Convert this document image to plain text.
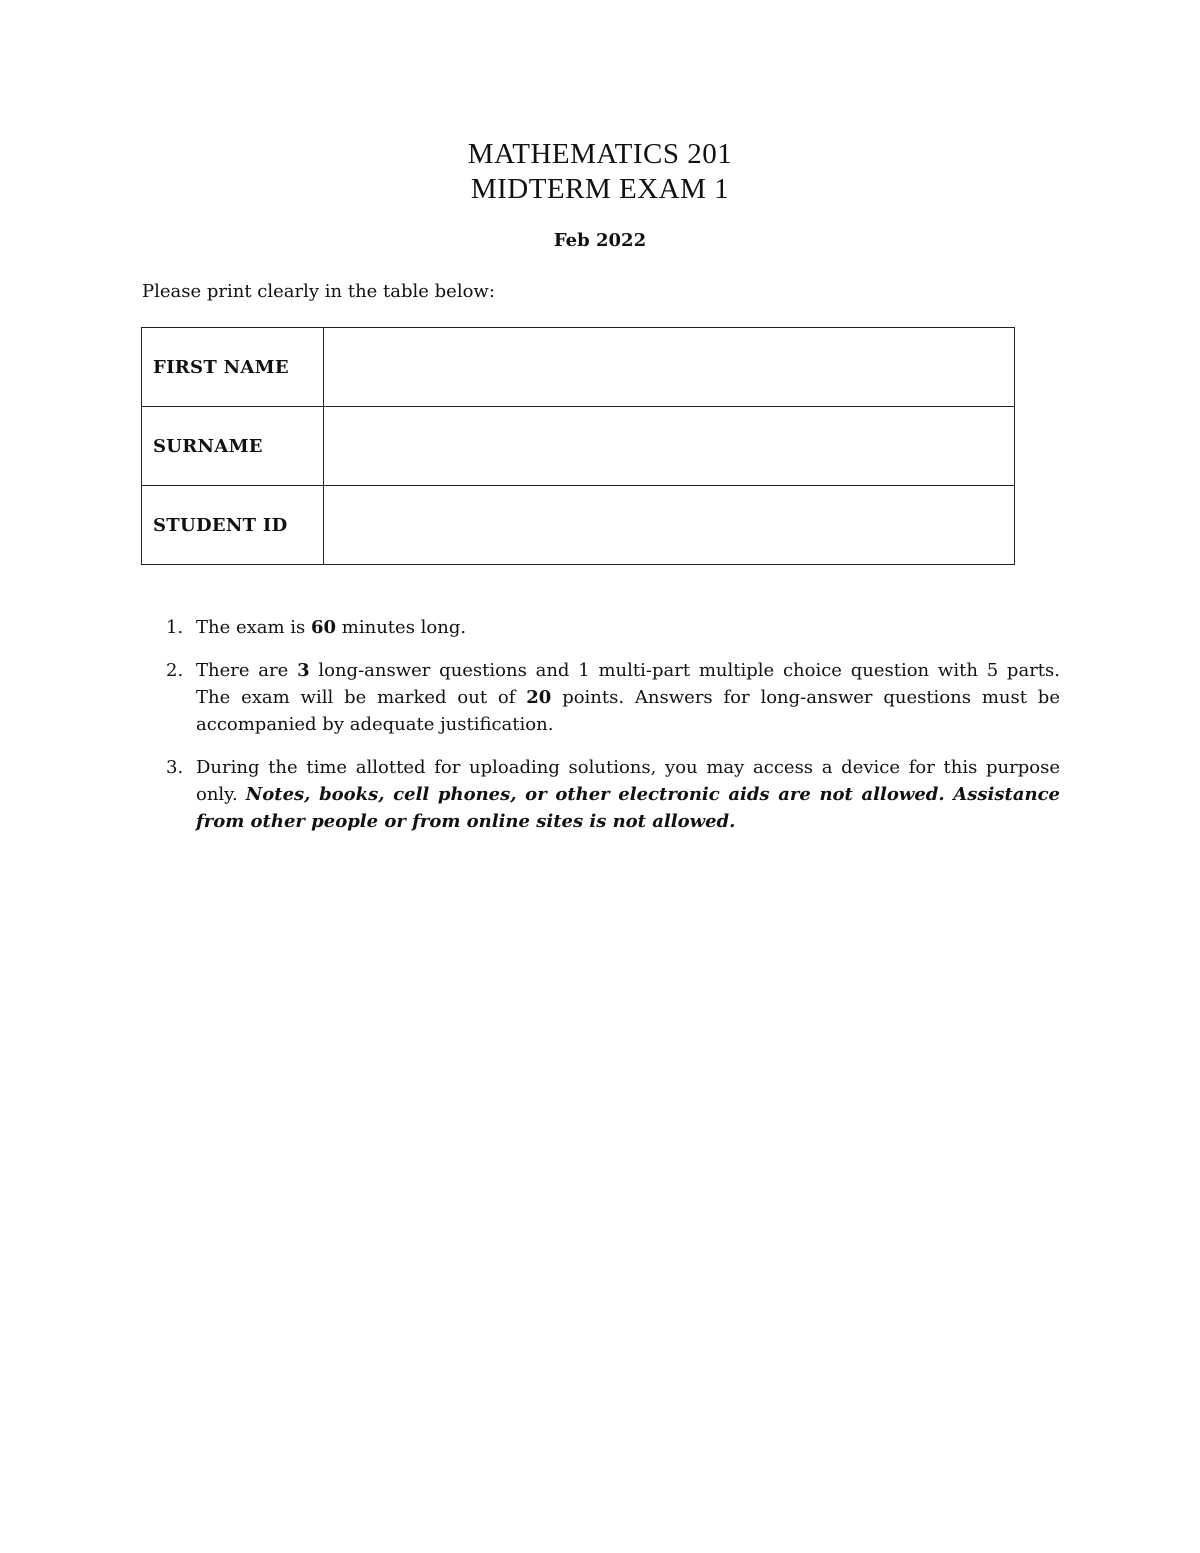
MATHEMATICS 201
MIDTERM EXAM 1
Feb 2022
Please print clearly in the table below:
FIRST NAME	
SURNAME	
STUDENT ID	
1. The exam is 60 minutes long.
2. There are 3 long-answer questions and 1 multi-part multiple choice question with 5 parts. The exam will be marked out of 20 points. Answers for long-answer questions must be accompanied by adequate justification.
3. During the time allotted for uploading solutions, you may access a device for this purpose only. Notes, books, cell phones, or other electronic aids are not allowed. Assistance from other people or from online sites is not allowed.
